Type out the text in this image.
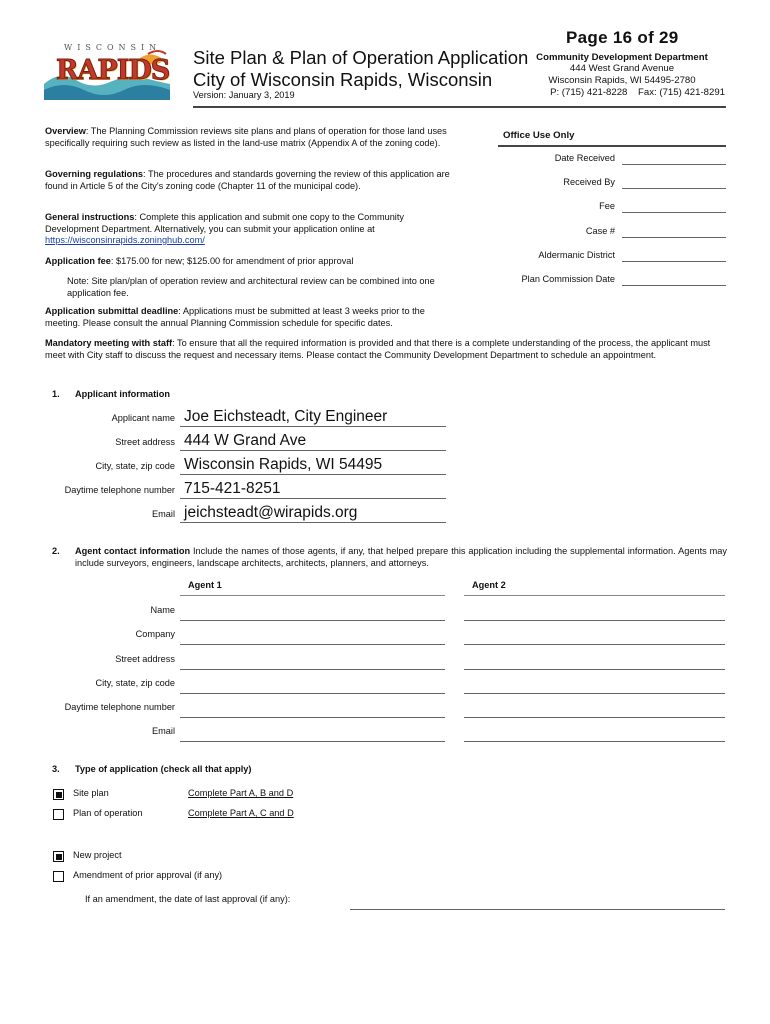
Page 16 of 29
WISCONSIN
RAPIDS Site Plan & Plan of Operation Application
City of Wisconsin Rapids, Wisconsin
Version: January 3, 2019
Community Development Department
444 West Grand Avenue
Wisconsin Rapids, WI 54495-2780
P: (715) 421-8228    Fax: (715) 421-8291
Overview: The Planning Commission reviews site plans and plans of operation for those land uses specifically requiring such review as listed in the land-use matrix (Appendix A of the zoning code).
Governing regulations: The procedures and standards governing the review of this application are found in Article 5 of the City's zoning code (Chapter 11 of the municipal code).
General instructions: Complete this application and submit one copy to the Community Development Department. Alternatively, you can submit your application online at https://wisconsinrapids.zoninghub.com/
Application fee: $175.00 for new; $125.00 for amendment of prior approval
Note: Site plan/plan of operation review and architectural review can be combined into one application fee.
Application submittal deadline: Applications must be submitted at least 3 weeks prior to the meeting. Please consult the annual Planning Commission schedule for specific dates.
Mandatory meeting with staff: To ensure that all the required information is provided and that there is a complete understanding of the process, the applicant must meet with City staff to discuss the request and necessary items. Please contact the Community Development Department to schedule an appointment.
Office Use Only
Date Received
Received By
Fee
Case #
Aldermanic District
Plan Commission Date
1. Applicant information
Applicant name Joe Eichsteadt, City Engineer
Street address 444 W Grand Ave
City, state, zip code Wisconsin Rapids, WI 54495
Daytime telephone number 715-421-8251
Email jeichsteadt@wirapids.org
2. Agent contact information Include the names of those agents, if any, that helped prepare this application including the supplemental information. Agents may include surveyors, engineers, landscape architects, architects, planners, and attorneys.
Agent 1	Agent 2
Name
Company
Street address
City, state, zip code
Daytime telephone number
Email
3. Type of application (check all that apply)
Site plan	Complete Part A, B and D
Plan of operation	Complete Part A, C and D
New project
Amendment of prior approval (if any)
If an amendment, the date of last approval (if any):
